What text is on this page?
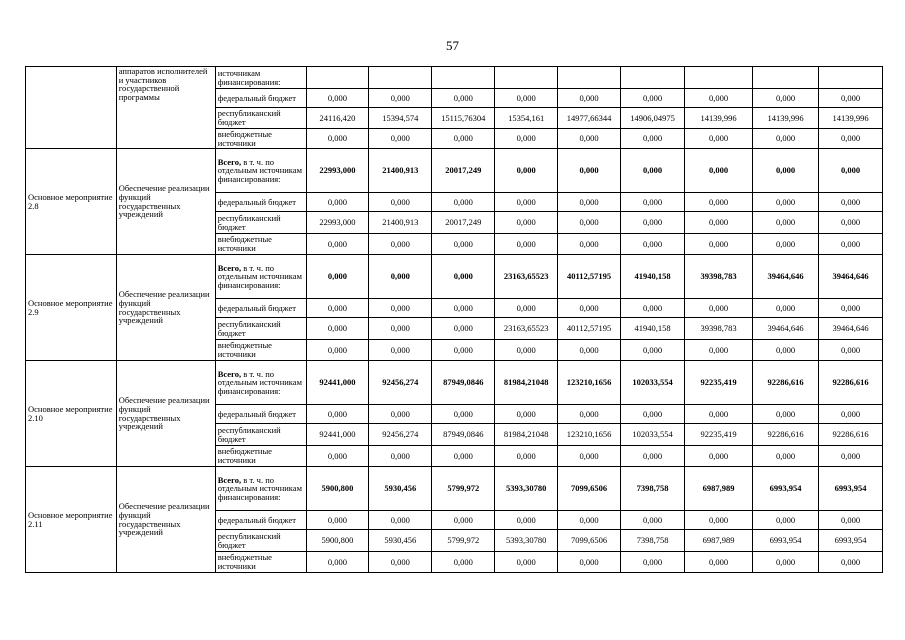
57
	аппаратов исполнителей и участников государственной программы	источникам финансирования:									
		федеральный бюджет	0,000	0,000	0,000	0,000	0,000	0,000	0,000	0,000	0,000
		республиканский бюджет	24116,420	15394,574	15115,76304	15354,161	14977,66344	14906,04975	14139,996	14139,996	14139,996
		внебюджетные источники	0,000	0,000	0,000	0,000	0,000	0,000	0,000	0,000	0,000
Основное мероприятие 2.8	Обеспечение реализации функций государственных учреждений	Всего, в т. ч. по отдельным источникам финансирования:	22993,000	21400,913	20017,249	0,000	0,000	0,000	0,000	0,000	0,000
		федеральный бюджет	0,000	0,000	0,000	0,000	0,000	0,000	0,000	0,000	0,000
		республиканский бюджет	22993,000	21400,913	20017,249	0,000	0,000	0,000	0,000	0,000	0,000
		внебюджетные источники	0,000	0,000	0,000	0,000	0,000	0,000	0,000	0,000	0,000
Основное мероприятие 2.9	Обеспечение реализации функций государственных учреждений	Всего, в т. ч. по отдельным источникам финансирования:	0,000	0,000	0,000	23163,65523	40112,57195	41940,158	39398,783	39464,646	39464,646
		федеральный бюджет	0,000	0,000	0,000	0,000	0,000	0,000	0,000	0,000	0,000
		республиканский бюджет	0,000	0,000	0,000	23163,65523	40112,57195	41940,158	39398,783	39464,646	39464,646
		внебюджетные источники	0,000	0,000	0,000	0,000	0,000	0,000	0,000	0,000	0,000
Основное мероприятие 2.10	Обеспечение реализации функций государственных учреждений	Всего, в т. ч. по отдельным источникам финансирования:	92441,000	92456,274	87949,0846	81984,21048	123210,1656	102033,554	92235,419	92286,616	92286,616
		федеральный бюджет	0,000	0,000	0,000	0,000	0,000	0,000	0,000	0,000	0,000
		республиканский бюджет	92441,000	92456,274	87949,0846	81984,21048	123210,1656	102033,554	92235,419	92286,616	92286,616
		внебюджетные источники	0,000	0,000	0,000	0,000	0,000	0,000	0,000	0,000	0,000
Основное мероприятие 2.11	Обеспечение реализации функций государственных учреждений	Всего, в т. ч. по отдельным источникам финансирования:	5900,800	5930,456	5799,972	5393,30780	7099,6506	7398,758	6987,989	6993,954	6993,954
		федеральный бюджет	0,000	0,000	0,000	0,000	0,000	0,000	0,000	0,000	0,000
		республиканский бюджет	5900,800	5930,456	5799,972	5393,30780	7099,6506	7398,758	6987,989	6993,954	6993,954
		внебюджетные источники	0,000	0,000	0,000	0,000	0,000	0,000	0,000	0,000	0,000
